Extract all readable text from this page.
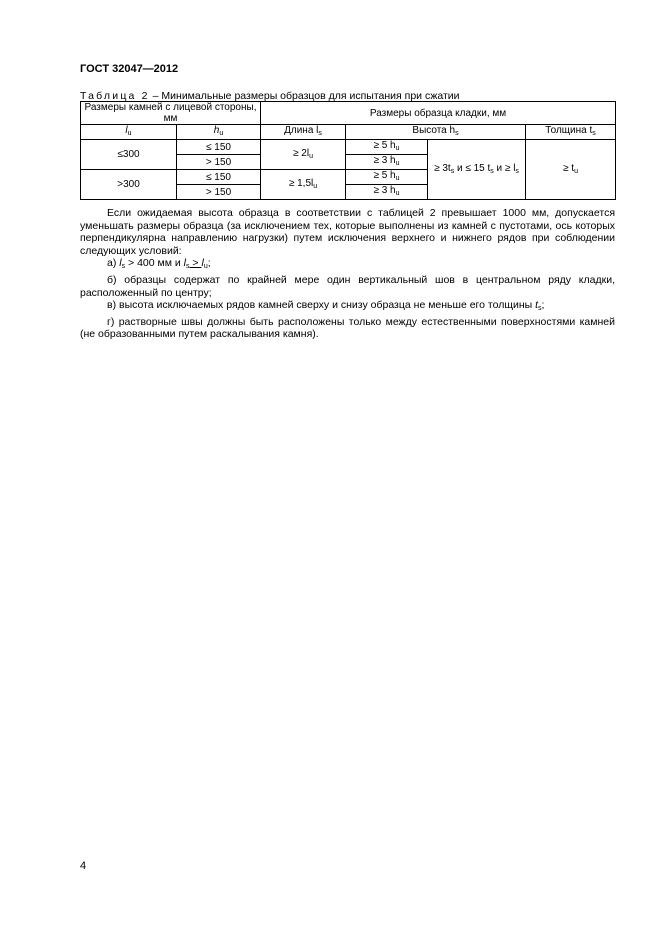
ГОСТ 32047—2012
Таблица 2 – Минимальные размеры образцов для испытания при сжатии
Размеры камней с лицевой стороны, мм		Размеры образца кладки, мм			
$l_u$	$h_u$	Длина $l_s$	Высота $h_s$		Толщина $t_s$
≤300	≤ 150	≥ $2l_u$	≥ 5 $h_u$	≥ $3t_s$ и ≤ 15 $t_s$ $и \ge l_s$	≥ $t_u$
	> 150		≥ 3 $h_u$
>300	≤ 150	≥ $1,5l_u$	≥ 5 $h_u$
	> 150		≥ 3 $h_u$

Если ожидаемая высота образца в соответствии с таблицей 2 превышает 1000 мм, допускается уменьшать размеры образца (за исключением тех, которые выполнены из камней с пустотами, ось которых перпендикулярна направлению нагрузки) путем исключения верхнего и нижнего рядов при соблюдении следующих условий:

а) $l_s > 400$ мм и $l_s > l_u$;

б) образцы содержат по крайней мере один вертикальный шов в центральном ряду кладки, расположенный по центру;

в) высота исключаемых рядов камней сверху и снизу образца не меньше его толщины $t_s$;

г) растворные швы должны быть расположены только между естественными поверхностями камней (не образованными путем раскалывания камня).

4
